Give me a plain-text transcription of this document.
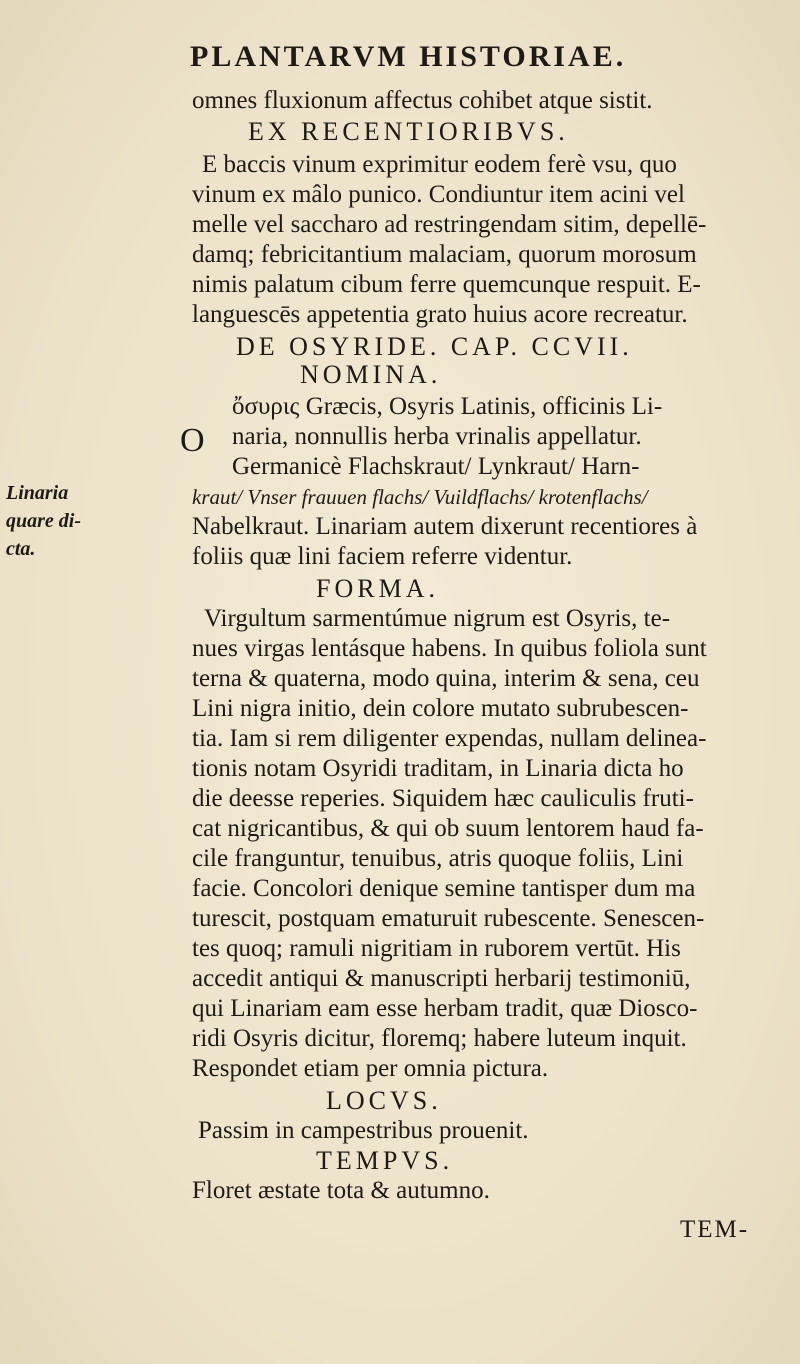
PLANTARVM HISTORIAE.
omnes fluxionum affectus cohibet atque sistit.
EX RECENTIORIBVS.
E baccis vinum exprimitur eodem ferè vsu, quo
vinum ex mâlo punico. Condiuntur item acini vel
melle vel saccharo ad restringendam sitim, depellē-
damq; febricitantium malaciam, quorum morosum
nimis palatum cibum ferre quemcunque respuit. E-
languescēs appetentia grato huius acore recreatur.
DE OSYRIDE. CAP. CCVII.
NOMINA.
O
ὄσυρις Græcis, Osyris Latinis, officinis Li-
naria, nonnullis herba vrinalis appellatur.
Germanicè Flachskraut/ Lynkraut/ Harn-
kraut/ Vnser frauuen flachs/ Vuildflachs/ krotenflachs/
Nabelkraut. Linariam autem dixerunt recentiores à
foliis quæ lini faciem referre videntur.
FORMA.
Virgultum sarmentúmue nigrum est Osyris, te-
nues virgas lentásque habens. In quibus foliola sunt
terna & quaterna, modo quina, interim & sena, ceu
Lini nigra initio, dein colore mutato subrubescen-
tia. Iam si rem diligenter expendas, nullam delinea-
tionis notam Osyridi traditam, in Linaria dicta ho
die deesse reperies. Siquidem hæc cauliculis fruti-
cat nigricantibus, & qui ob suum lentorem haud fa-
cile franguntur, tenuibus, atris quoque foliis, Lini
facie. Concolori denique semine tantisper dum ma
turescit, postquam ematuruit rubescente. Senescen-
tes quoq; ramuli nigritiam in ruborem vertūt. His
accedit antiqui & manuscripti herbarij testimoniū,
qui Linariam eam esse herbam tradit, quæ Diosco-
ridi Osyris dicitur, floremq; habere luteum inquit.
Respondet etiam per omnia pictura.
LOCVS.
Passim in campestribus prouenit.
TEMPVS.
Floret æstate tota & autumno.
Linaria
quare di-
cta.
TEM-
